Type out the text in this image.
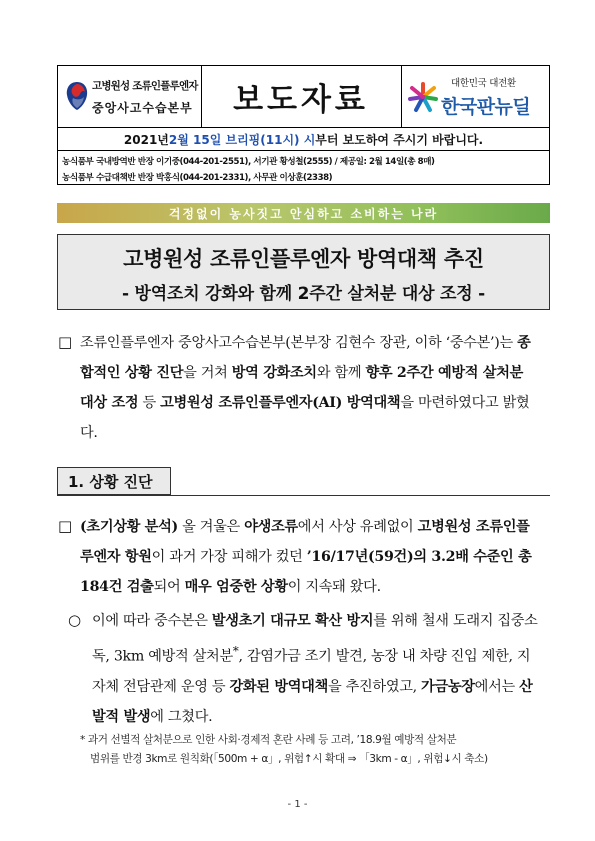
고병원성 조류인플루엔자
중앙사고수습본부	보도자료	대한민국 대전환
한국판뉴딜
2021년 2월 15일 브리핑(11시) 시 부터 보도하여 주시기 바랍니다.
농식품부 국내방역반 반장 이기중(044-201-2551), 서기관 황성철(2555) / 제공일: 2월 14일(총 8매)
농식품부 수급대책반 반장 박홍식(044-201-2331), 사무관 이상훈(2338)
걱정없이 농사짓고 안심하고 소비하는 나라
고병원성 조류인플루엔자 방역대책 추진
- 방역조치 강화와 함께 2주간 살처분 대상 조정 -
□ 조류인플루엔자 중앙사고수습본부(본부장 김현수 장관, 이하 ‘중수본’)는 종합적인 상황 진단을 거쳐 방역 강화조치와 함께 향후 2주간 예방적 살처분 대상 조정 등 고병원성 조류인플루엔자(AI) 방역대책을 마련하였다고 밝혔다.
1. 상황 진단
□ (초기상황 분석) 올 겨울은 야생조류에서 사상 유례없이 고병원성 조류인플루엔자 항원이 과거 가장 피해가 컸던 ’16/17년(59건)의 3.2배 수준인 총 184건 검출되어 매우 엄중한 상황이 지속돼 왔다.
○ 이에 따라 중수본은 발생초기 대규모 확산 방지를 위해 철새 도래지 집중소독, 3km 예방적 살처분*, 감염가금 조기 발견, 농장 내 차량 진입 제한, 지자체 전담관제 운영 등 강화된 방역대책을 추진하였고, 가금농장에서는 산발적 발생에 그쳤다.
* 과거 선별적 살처분으로 인한 사회·경제적 혼란 사례 등 고려, ’18.9월 예방적 살처분
범위를 반경 3km로 원칙화(「500m + α」, 위험↑시 확대 ⇒ 「3km - α」, 위험↓시 축소)
- 1 -
